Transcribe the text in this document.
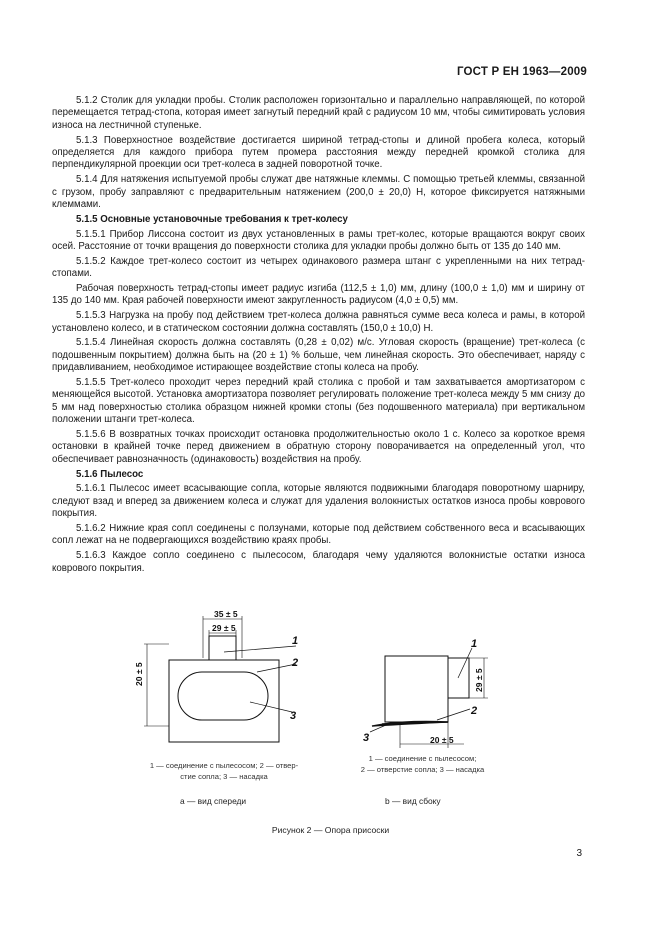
ГОСТ Р ЕН 1963—2009

5.1.2 Столик для укладки пробы. Столик расположен горизонтально и параллельно направляющей, по которой перемещается тетрад-стопа, которая имеет загнутый передний край с радиусом 10 мм, чтобы симитировать условия износа на лестничной ступеньке.

5.1.3 Поверхностное воздействие достигается шириной тетрад-стопы и длиной пробега колеса, который определяется для каждого прибора путем промера расстояния между передней кромкой столика для перпендикулярной проекции оси трет-колеса в задней поворотной точке.

5.1.4 Для натяжения испытуемой пробы служат две натяжные клеммы. С помощью третьей клеммы, связанной с грузом, пробу заправляют с предварительным натяжением (200,0 ± 20,0) Н, которое фиксируется натяжными клеммами.

5.1.5 Основные установочные требования к трет-колесу

5.1.5.1 Прибор Лиссона состоит из двух установленных в рамы трет-колес, которые вращаются вокруг своих осей. Расстояние от точки вращения до поверхности столика для укладки пробы должно быть от 135 до 140 мм.

5.1.5.2 Каждое трет-колесо состоит из четырех одинакового размера штанг с укрепленными на них тетрад-стопами.

Рабочая поверхность тетрад-стопы имеет радиус изгиба (112,5 ± 1,0) мм, длину (100,0 ± 1,0) мм и ширину от 135 до 140 мм. Края рабочей поверхности имеют закругленность радиусом (4,0 ± 0,5) мм.

5.1.5.3 Нагрузка на пробу под действием трет-колеса должна равняться сумме веса колеса и рамы, в которой установлено колесо, и в статическом состоянии должна составлять (150,0 ± 10,0) Н.

5.1.5.4 Линейная скорость должна составлять (0,28 ± 0,02) м/с. Угловая скорость (вращение) трет-колеса (с подошвенным покрытием) должна быть на (20 ± 1) % больше, чем линейная скорость. Это обеспечивает, наряду с придавливанием, необходимое истирающее воздействие стопы колеса на пробу.

5.1.5.5 Трет-колесо проходит через передний край столика с пробой и там захватывается амортизатором с меняющейся высотой. Установка амортизатора позволяет регулировать положение трет-колеса между 5 мм снизу до 5 мм над поверхностью столика образцом нижней кромки стопы (без подошвенного материала) при вертикальном положении штанги трет-колеса.

5.1.5.6 В возвратных точках происходит остановка продолжительностью около 1 с. Колесо за короткое время остановки в крайней точке перед движением в обратную сторону поворачивается на определенный угол, что обеспечивает равнозначность (одинаковость) воздействия на пробу.

5.1.6 Пылесос

5.1.6.1 Пылесос имеет всасывающие сопла, которые являются подвижными благодаря поворотному шарниру, следуют взад и вперед за движением колеса и служат для удаления волокнистых остатков износа пробы коврового покрытия.

5.1.6.2 Нижние края сопл соединены с ползунами, которые под действием собственного веса и всасывающих сопл лежат на не подвергающихся воздействию краях пробы.

5.1.6.3 Каждое сопло соединено с пылесосом, благодаря чему удаляются волокнистые остатки износа коврового покрытия.

35 ± 5
29 ± 5
20 ± 5
1
2
3
29 ± 5
20 ± 5
1
2
3
1 — соединение с пылесосом; 2 — отвер-
стие сопла; 3 — насадка
1 — соединение с пылесосом;
2 — отверстие сопла; 3 — насадка
а — вид спереди	b — вид сбоку
Рисунок 2 — Опора присоски
3
